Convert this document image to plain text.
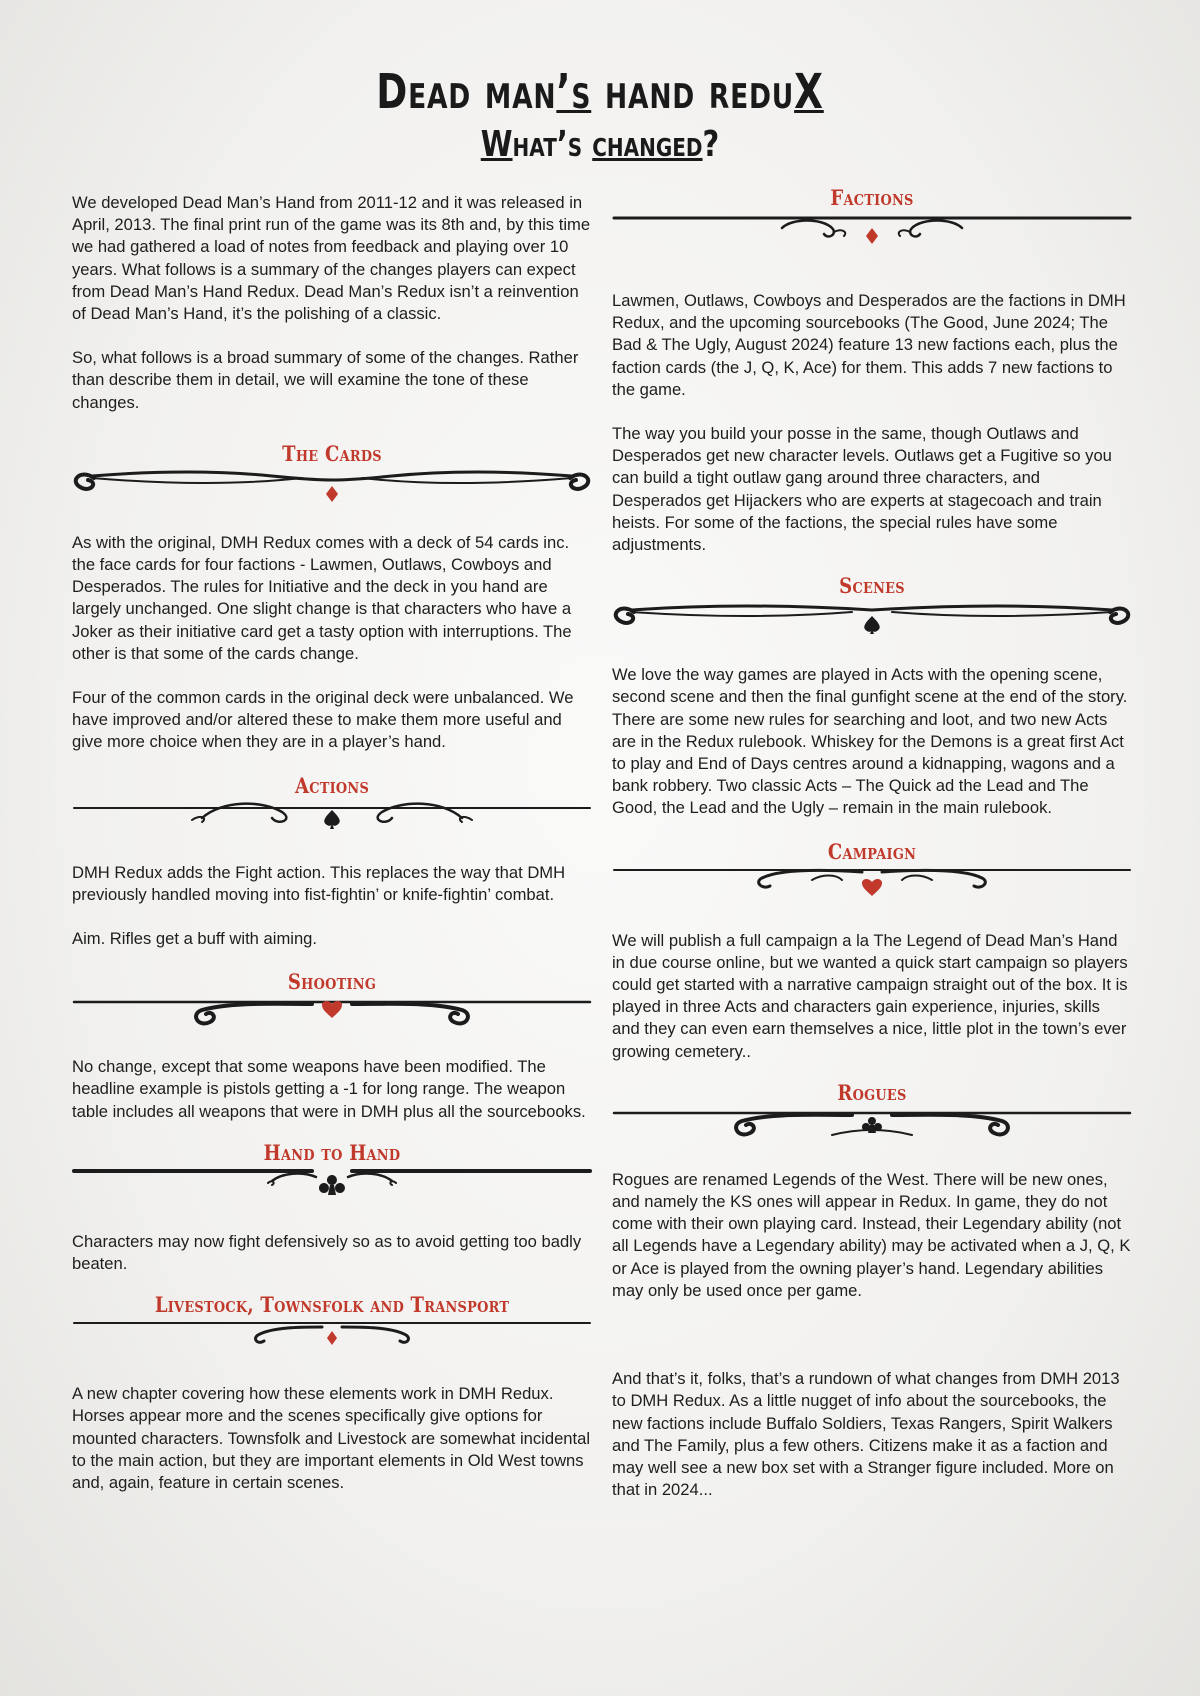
Dead man’s hand reduX
What’s changed?

We developed Dead Man’s Hand from 2011-12 and it was released in April, 2013. The final print run of the game was its 8th and, by this time we had gathered a load of notes from feedback and playing over 10 years. What follows is a summary of the changes players can expect from Dead Man’s Hand Redux. Dead Man’s Redux isn’t a reinvention of Dead Man’s Hand, it’s the polishing of a classic.

So, what follows is a broad summary of some of the changes. Rather than describe them in detail, we will examine the tone of these changes.

The Cards

As with the original, DMH Redux comes with a deck of 54 cards inc. the face cards for four factions - Lawmen, Outlaws, Cowboys and Desperados. The rules for Initiative and the deck in you hand are largely unchanged. One slight change is that characters who have a Joker as their initiative card get a tasty option with interruptions. The other is that some of the cards change.

Four of the common cards in the original deck were unbalanced. We have improved and/or altered these to make them more useful and give more choice when they are in a player’s hand.

Actions

DMH Redux adds the Fight action. This replaces the way that DMH previously handled moving into fist-fightin’ or knife-fightin’ combat.

Aim. Rifles get a buff with aiming.

Shooting

No change, except that some weapons have been modified. The headline example is pistols getting a -1 for long range. The weapon table includes all weapons that were in DMH plus all the sourcebooks.

Hand to Hand

Characters may now fight defensively so as to avoid getting too badly beaten.

Livestock, Townsfolk and Transport

A new chapter covering how these elements work in DMH Redux. Horses appear more and the scenes specifically give options for mounted characters. Townsfolk and Livestock are somewhat incidental to the main action, but they are important elements in Old West towns and, again, feature in certain scenes.

Factions

Lawmen, Outlaws, Cowboys and Desperados are the factions in DMH Redux, and the upcoming sourcebooks (The Good, June 2024; The Bad & The Ugly, August 2024) feature 13 new factions each, plus the faction cards (the J, Q, K, Ace) for them. This adds 7 new factions to the game.

The way you build your posse in the same, though Outlaws and Desperados get new character levels. Outlaws get a Fugitive so you can build a tight outlaw gang around three characters, and Desperados get Hijackers who are experts at stagecoach and train heists. For some of the factions, the special rules have some adjustments.

Scenes

We love the way games are played in Acts with the opening scene, second scene and then the final gunfight scene at the end of the story. There are some new rules for searching and loot, and two new Acts are in the Redux rulebook. Whiskey for the Demons is a great first Act to play and End of Days centres around a kidnapping, wagons and a bank robbery. Two classic Acts – The Quick ad the Lead and The Good, the Lead and the Ugly – remain in the main rulebook.

Campaign

We will publish a full campaign a la The Legend of Dead Man’s Hand in due course online, but we wanted a quick start campaign so players could get started with a narrative campaign straight out of the box. It is played in three Acts and characters gain experience, injuries, skills and they can even earn themselves a nice, little plot in the town’s ever growing cemetery..

Rogues

Rogues are renamed Legends of the West. There will be new ones, and namely the KS ones will appear in Redux. In game, they do not come with their own playing card. Instead, their Legendary ability (not all Legends have a Legendary ability) may be activated when a J, Q, K or Ace is played from the owning player’s hand. Legendary abilities may only be used once per game.

And that’s it, folks, that’s a rundown of what changes from DMH 2013 to DMH Redux. As a little nugget of info about the sourcebooks, the new factions include Buffalo Soldiers, Texas Rangers, Spirit Walkers and The Family, plus a few others. Citizens make it as a faction and may well see a new box set with a Stranger figure included. More on that in 2024...
